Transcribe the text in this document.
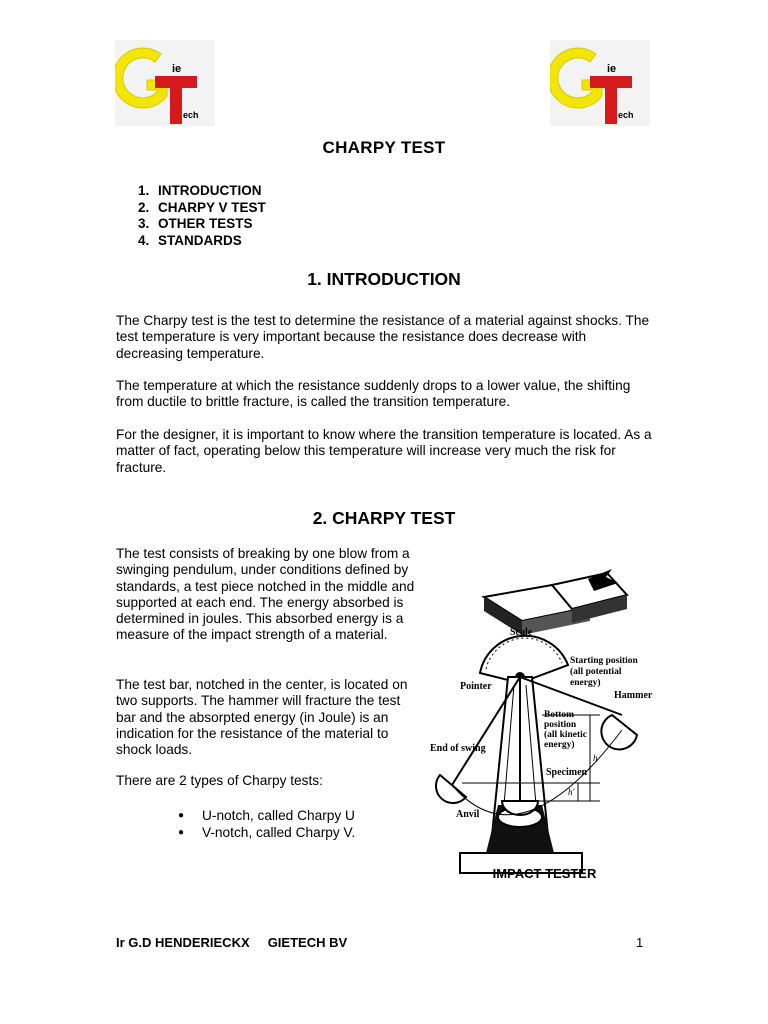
ie
ech
ie
ech
CHARPY TEST
1. INTRODUCTION
2. CHARPY V TEST
3. OTHER TESTS
4. STANDARDS
1. INTRODUCTION

The Charpy test is the test to determine the resistance of a material against shocks. The test temperature is very important because the resistance does decrease with decreasing temperature.

The temperature at which the resistance suddenly drops to a lower value, the shifting from ductile to brittle fracture, is called the transition temperature.

For the designer, it is important to know where the transition temperature is located. As a matter of fact, operating below this temperature will increase very much the risk for fracture.

2. CHARPY TEST

The test consists of breaking by one blow from a swinging pendulum, under conditions defined by standards, a test piece notched in the middle and supported at each end. The energy absorbed is determined in joules. This absorbed energy is a measure of the impact strength of a material.

The test bar, notched in the center, is located on two supports. The hammer will fracture the test bar and the absorpted energy (in Joule) is an indication for the resistance of the material to shock loads.

There are 2 types of Charpy tests:

●	U-notch, called Charpy U
●	V-notch, called Charpy V.
Scale
Pointer
Starting position
(all potential
energy)
Hammer
Bottom
position
(all kinetic
energy)
End of swing
Specimen
Anvil
h
h'
IMPACT TESTER
Ir G.D HENDERIECKX     GIETECH BV	1
